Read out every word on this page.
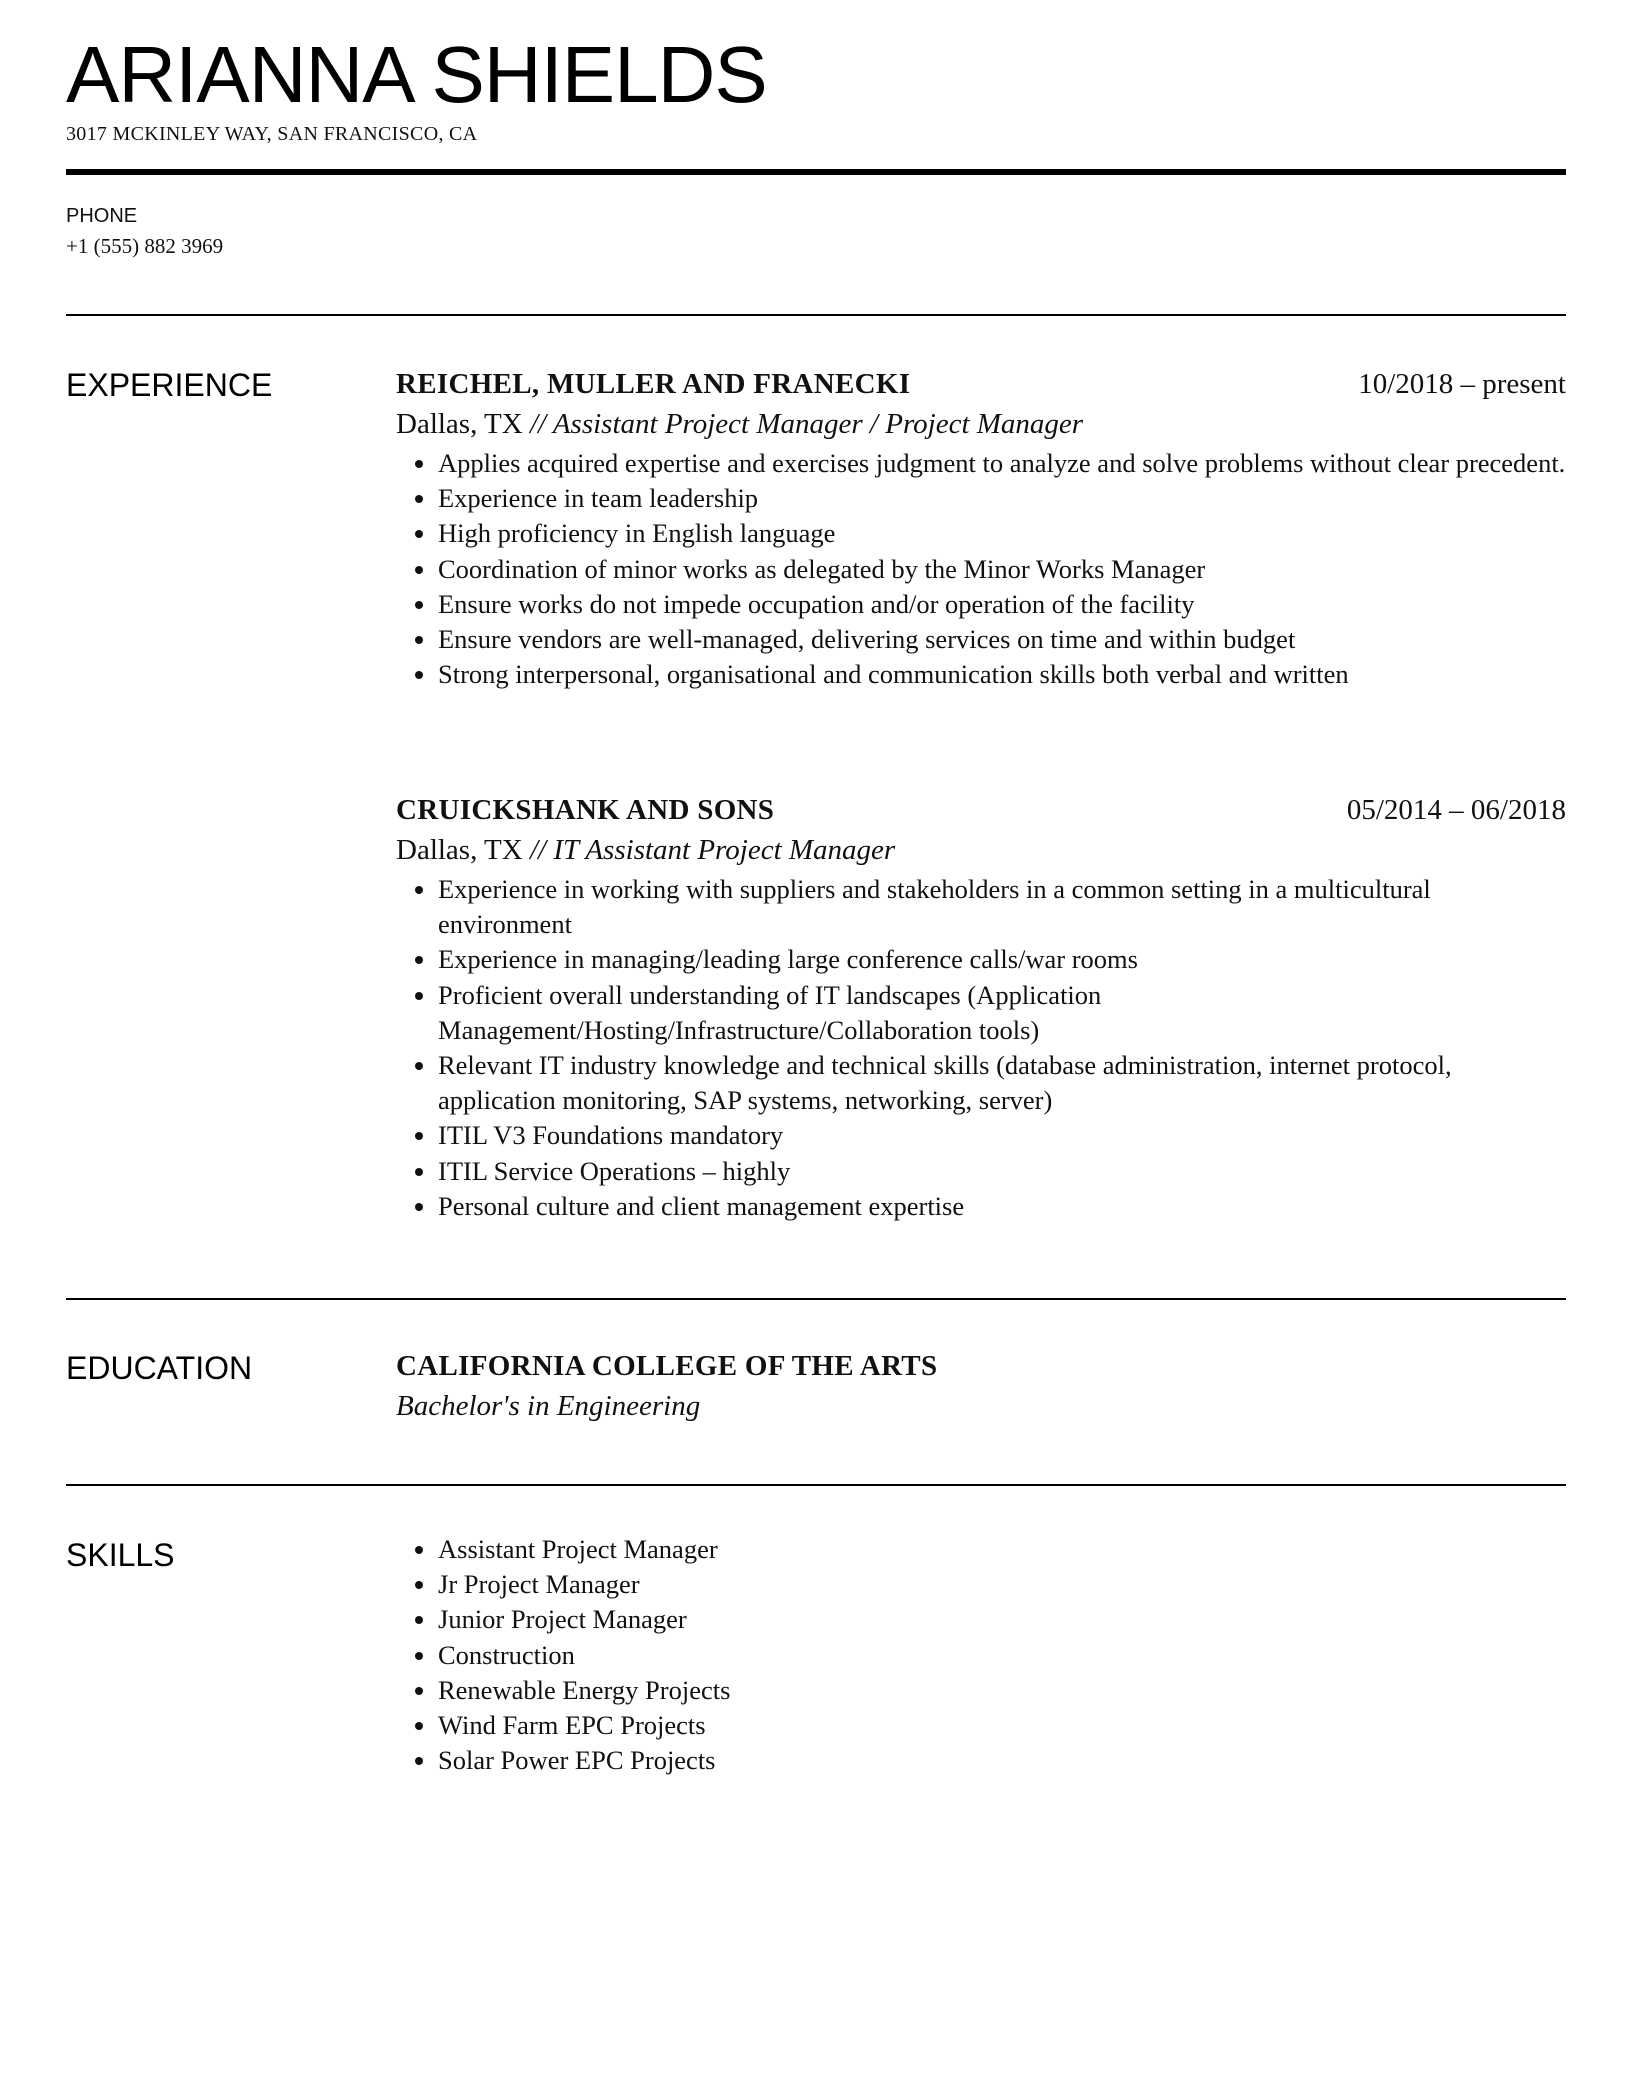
ARIANNA SHIELDS
3017 MCKINLEY WAY, SAN FRANCISCO, CA
PHONE
+1 (555) 882 3969
EXPERIENCE	REICHEL, MULLER AND FRANECKI	10/2018 – present
Dallas, TX // Assistant Project Manager / Project Manager
• Applies acquired expertise and exercises judgment to analyze and solve problems without clear precedent.
• Experience in team leadership
• High proficiency in English language
• Coordination of minor works as delegated by the Minor Works Manager
• Ensure works do not impede occupation and/or operation of the facility
• Ensure vendors are well-managed, delivering services on time and within budget
• Strong interpersonal, organisational and communication skills both verbal and written
CRUICKSHANK AND SONS	05/2014 – 06/2018
Dallas, TX // IT Assistant Project Manager
• Experience in working with suppliers and stakeholders in a common setting in a multicultural environment
• Experience in managing/leading large conference calls/war rooms
• Proficient overall understanding of IT landscapes (Application Management/Hosting/Infrastructure/Collaboration tools)
• Relevant IT industry knowledge and technical skills (database administration, internet protocol, application monitoring, SAP systems, networking, server)
• ITIL V3 Foundations mandatory
• ITIL Service Operations – highly
• Personal culture and client management expertise
EDUCATION	CALIFORNIA COLLEGE OF THE ARTS
Bachelor's in Engineering
SKILLS
•	Assistant Project Manager
• Jr Project Manager
• Junior Project Manager
• Construction
• Renewable Energy Projects
• Wind Farm EPC Projects
• Solar Power EPC Projects
